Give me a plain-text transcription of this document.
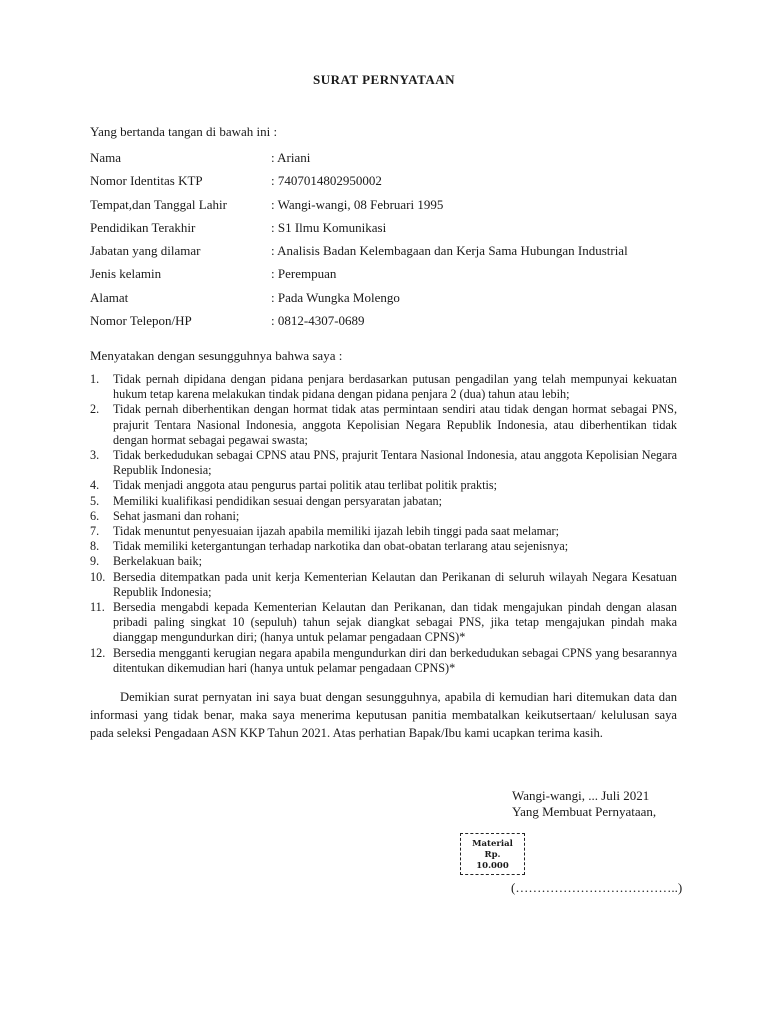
SURAT PERNYATAAN
Yang bertanda tangan di bawah ini :
Nama	: Ariani
Nomor Identitas KTP	: 7407014802950002
Tempat,dan Tanggal Lahir	: Wangi-wangi, 08 Februari 1995
Pendidikan Terakhir	: S1 Ilmu Komunikasi
Jabatan yang dilamar	: Analisis Badan Kelembagaan dan Kerja Sama Hubungan Industrial
Jenis kelamin	: Perempuan
Alamat	: Pada Wungka Molengo
Nomor Telepon/HP	: 0812-4307-0689
Menyatakan dengan sesungguhnya bahwa saya :
1. Tidak pernah dipidana dengan pidana penjara berdasarkan putusan pengadilan yang telah mempunyai kekuatan hukum tetap karena melakukan tindak pidana dengan pidana penjara 2 (dua) tahun atau lebih;
2. Tidak pernah diberhentikan dengan hormat tidak atas permintaan sendiri atau tidak dengan hormat sebagai PNS, prajurit Tentara Nasional Indonesia, anggota Kepolisian Negara Republik Indonesia, atau diberhentikan tidak dengan hormat sebagai pegawai swasta;
3. Tidak berkedudukan sebagai CPNS atau PNS, prajurit Tentara Nasional Indonesia, atau anggota Kepolisian Negara Republik Indonesia;
4. Tidak menjadi anggota atau pengurus partai politik atau terlibat politik praktis;
5. Memiliki kualifikasi pendidikan sesuai dengan persyaratan jabatan;
6. Sehat jasmani dan rohani;
7. Tidak menuntut penyesuaian ijazah apabila memiliki ijazah lebih tinggi pada saat melamar;
8. Tidak memiliki ketergantungan terhadap narkotika dan obat-obatan terlarang atau sejenisnya;
9. Berkelakuan baik;
10. Bersedia ditempatkan pada unit kerja Kementerian Kelautan dan Perikanan di seluruh wilayah Negara Kesatuan Republik Indonesia;
11. Bersedia mengabdi kepada Kementerian Kelautan dan Perikanan, dan tidak mengajukan pindah dengan alasan pribadi paling singkat 10 (sepuluh) tahun sejak diangkat sebagai PNS, jika tetap mengajukan pindah maka dianggap mengundurkan diri; (hanya untuk pelamar pengadaan CPNS)*
12. Bersedia mengganti kerugian negara apabila mengundurkan diri dan berkedudukan sebagai CPNS yang besarannya ditentukan dikemudian hari (hanya untuk pelamar pengadaan CPNS)*

Demikian surat pernyatan ini saya buat dengan sesungguhnya, apabila di kemudian hari ditemukan data dan informasi yang tidak benar, maka saya menerima keputusan panitia membatalkan keikutsertaan/ kelulusan saya pada seleksi Pengadaan ASN KKP Tahun 2021. Atas perhatian Bapak/Ibu kami ucapkan terima kasih.

Wangi-wangi, ... Juli 2021
Yang Membuat Pernyataan,
Material
Rp.
10.000
(………………………………..)
